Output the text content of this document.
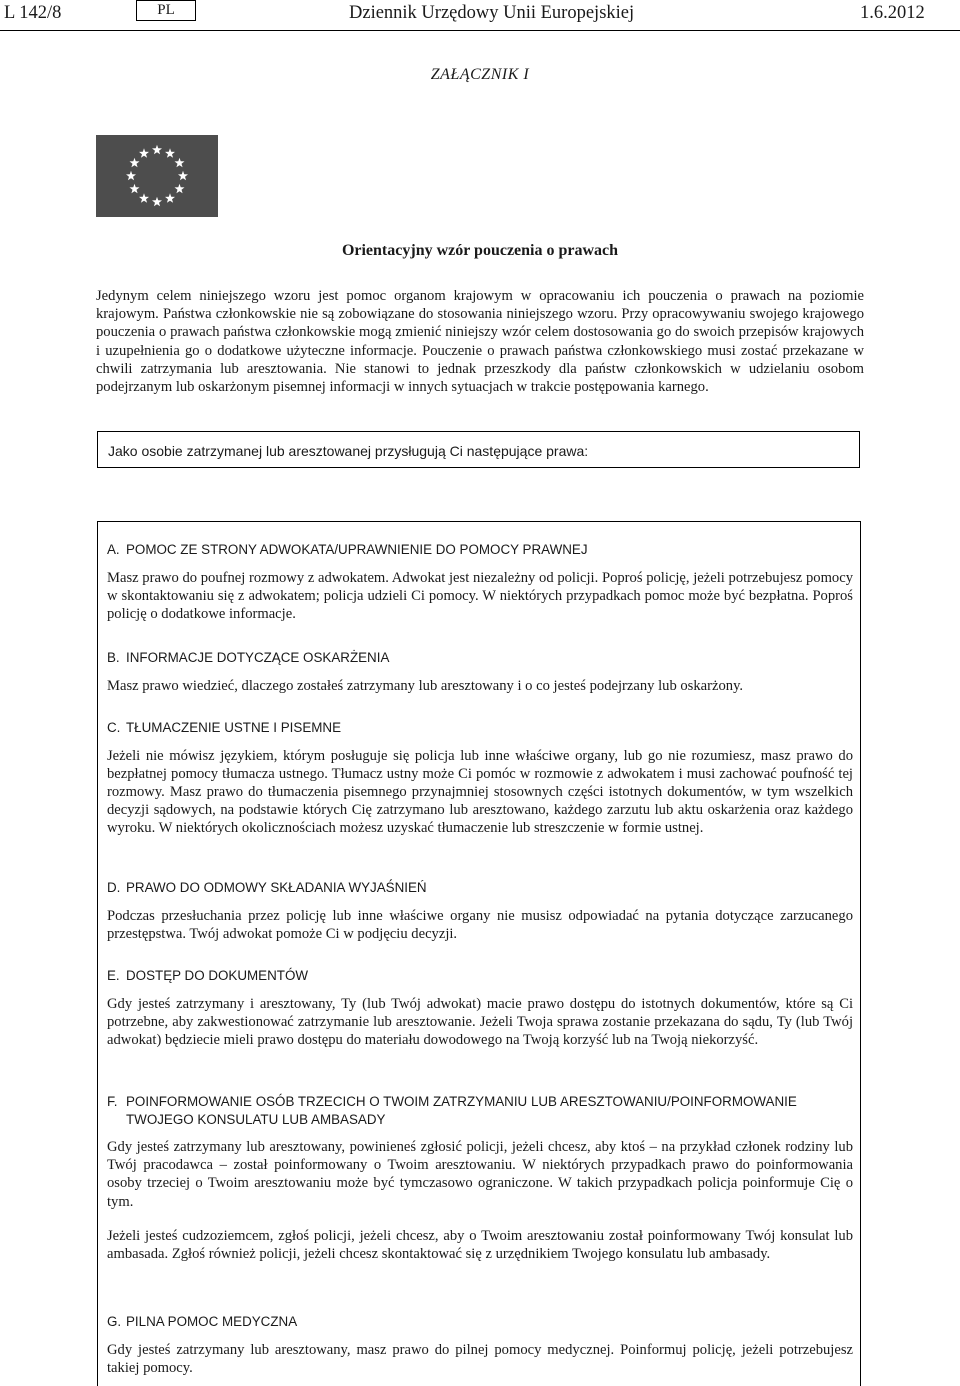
L 142/8	PL	Dziennik Urzędowy Unii Europejskiej	1.6.2012
ZAŁĄCZNIK I
Orientacyjny wzór pouczenia o prawach

Jedynym celem niniejszego wzoru jest pomoc organom krajowym w opracowaniu ich pouczenia o prawach na poziomie krajowym. Państwa członkowskie nie są zobowiązane do stosowania niniejszego wzoru. Przy opracowywaniu swojego krajowego pouczenia o prawach państwa członkowskie mogą zmienić niniejszy wzór celem dostosowania go do swoich przepisów krajowych i uzupełnienia go o dodatkowe użyteczne informacje. Pouczenie o prawach państwa członkowskiego musi zostać przekazane w chwili zatrzymania lub aresztowania. Nie stanowi to jednak przeszkody dla państw członkowskich w udzielaniu osobom podejrzanym lub oskarżonym pisemnej informacji w innych sytuacjach w trakcie postępowania karnego.

Jako osobie zatrzymanej lub aresztowanej przysługują Ci następujące prawa:
A. POMOC ZE STRONY ADWOKATA/UPRAWNIENIE DO POMOCY PRAWNEJ

Masz prawo do poufnej rozmowy z adwokatem. Adwokat jest niezależny od policji. Poproś policję, jeżeli potrzebujesz pomocy w skontaktowaniu się z adwokatem; policja udzieli Ci pomocy. W niektórych przypadkach pomoc może być bezpłatna. Poproś policję o dodatkowe informacje.

B. INFORMACJE DOTYCZĄCE OSKARŻENIA

Masz prawo wiedzieć, dlaczego zostałeś zatrzymany lub aresztowany i o co jesteś podejrzany lub oskarżony.

C. TŁUMACZENIE USTNE I PISEMNE

Jeżeli nie mówisz językiem, którym posługuje się policja lub inne właściwe organy, lub go nie rozumiesz, masz prawo do bezpłatnej pomocy tłumacza ustnego. Tłumacz ustny może Ci pomóc w rozmowie z adwokatem i musi zachować poufność tej rozmowy. Masz prawo do tłumaczenia pisemnego przynajmniej stosownych części istotnych dokumentów, w tym wszelkich decyzji sądowych, na podstawie których Cię zatrzymano lub aresztowano, każdego zarzutu lub aktu oskarżenia oraz każdego wyroku. W niektórych okolicznościach możesz uzyskać tłumaczenie lub streszczenie w formie ustnej.

D. PRAWO DO ODMOWY SKŁADANIA WYJAŚNIEŃ

Podczas przesłuchania przez policję lub inne właściwe organy nie musisz odpowiadać na pytania dotyczące zarzucanego przestępstwa. Twój adwokat pomoże Ci w podjęciu decyzji.

E. DOSTĘP DO DOKUMENTÓW

Gdy jesteś zatrzymany i aresztowany, Ty (lub Twój adwokat) macie prawo dostępu do istotnych dokumentów, które są Ci potrzebne, aby zakwestionować zatrzymanie lub aresztowanie. Jeżeli Twoja sprawa zostanie przekazana do sądu, Ty (lub Twój adwokat) będziecie mieli prawo dostępu do materiału dowodowego na Twoją korzyść lub na Twoją niekorzyść.

F. POINFORMOWANIE OSÓB TRZECICH O TWOIM ZATRZYMANIU LUB ARESZTOWANIU/POINFORMOWANIE TWOJEGO KONSULATU LUB AMBASADY

Gdy jesteś zatrzymany lub aresztowany, powinieneś zgłosić policji, jeżeli chcesz, aby ktoś – na przykład członek rodziny lub Twój pracodawca – został poinformowany o Twoim aresztowaniu. W niektórych przypadkach prawo do poinformowania osoby trzeciej o Twoim aresztowaniu może być tymczasowo ograniczone. W takich przypadkach policja poinformuje Cię o tym.

Jeżeli jesteś cudzoziemcem, zgłoś policji, jeżeli chcesz, aby o Twoim aresztowaniu został poinformowany Twój konsulat lub ambasada. Zgłoś również policji, jeżeli chcesz skontaktować się z urzędnikiem Twojego konsulatu lub ambasady.

G. PILNA POMOC MEDYCZNA

Gdy jesteś zatrzymany lub aresztowany, masz prawo do pilnej pomocy medycznej. Poinformuj policję, jeżeli potrzebujesz takiej pomocy.
